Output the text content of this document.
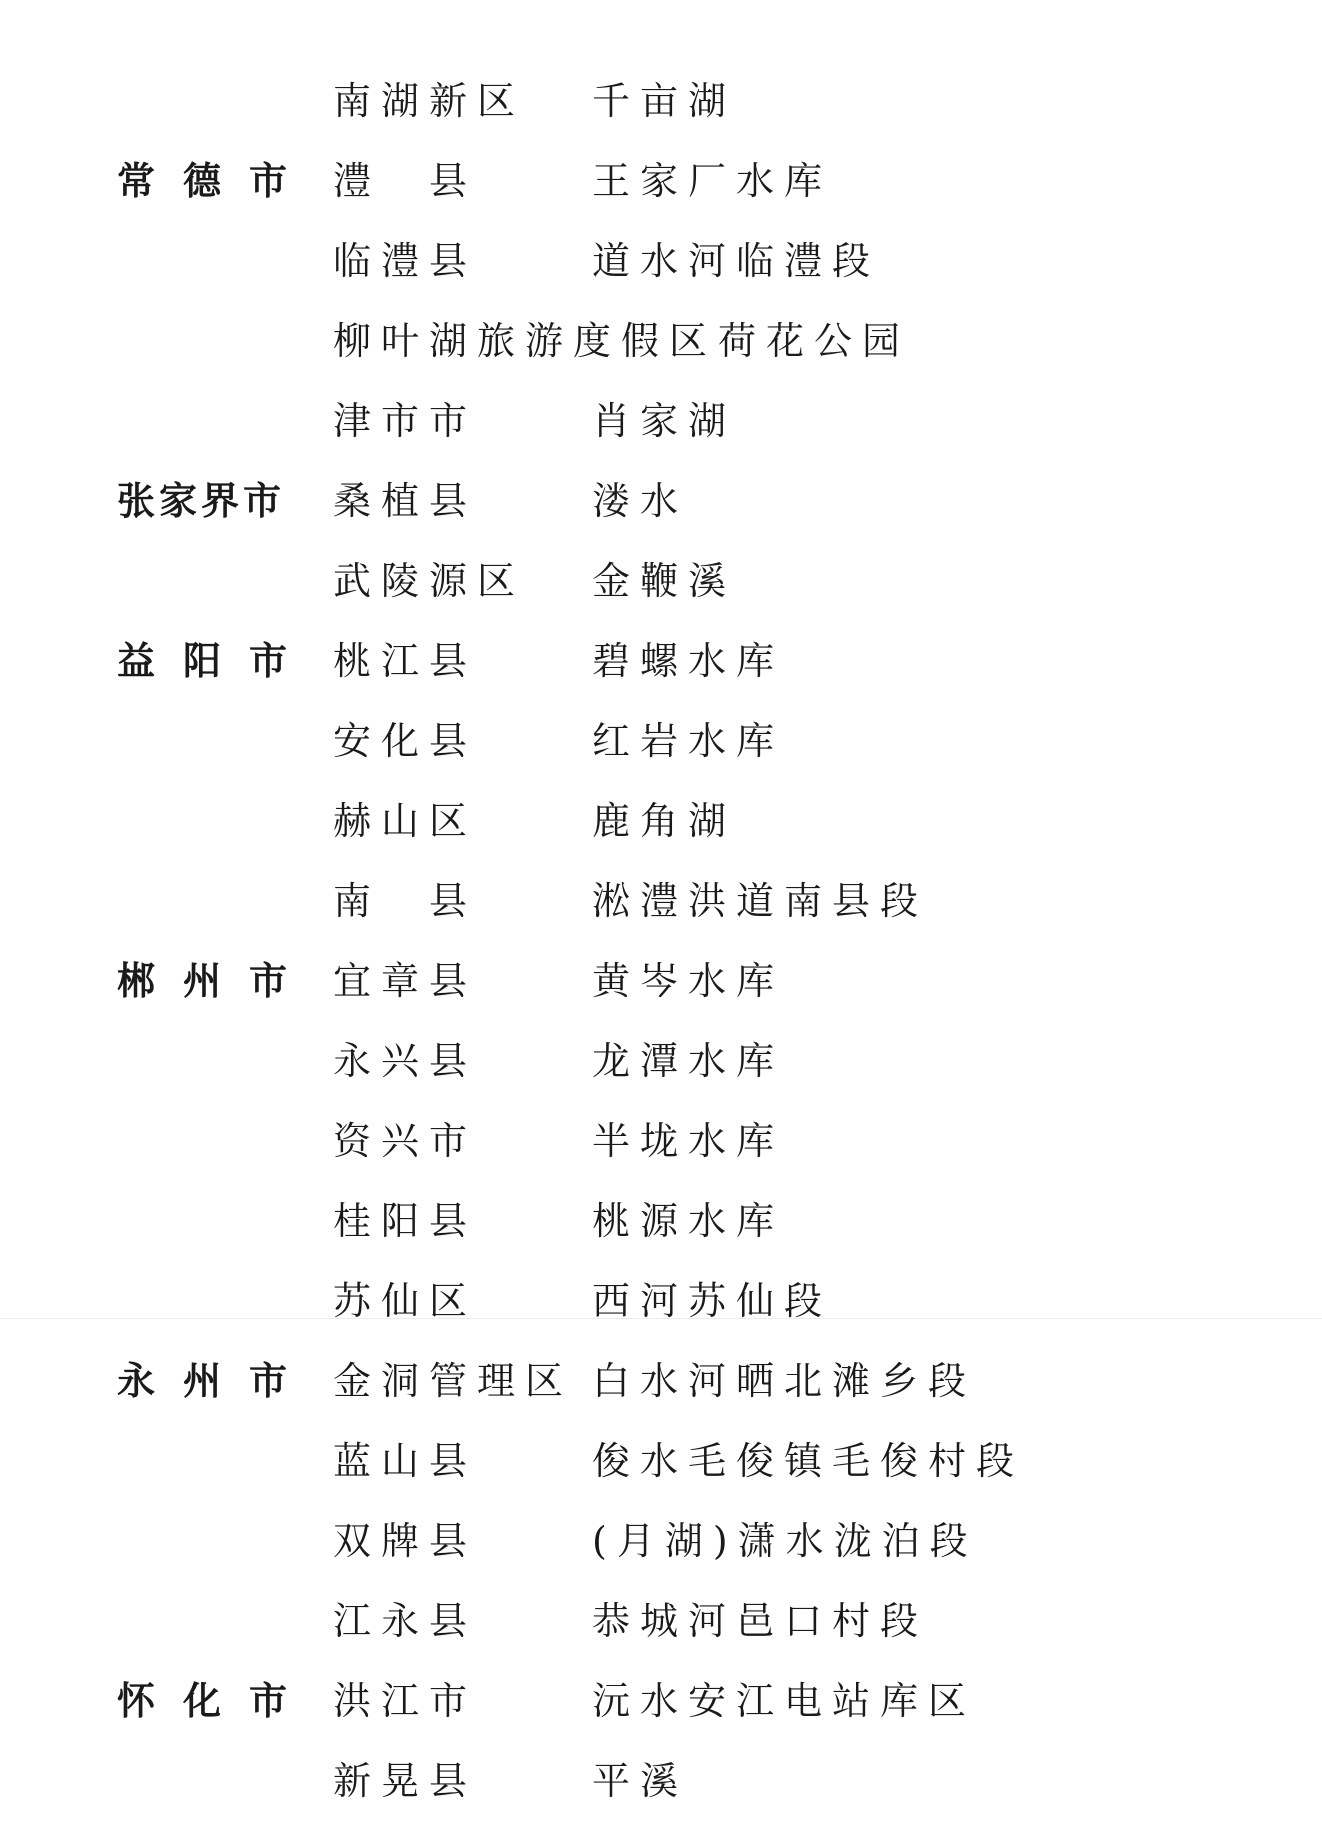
南湖新区 千亩湖
常德市 澧　县	王家厂水库
临澧县	道水河临澧段
柳叶湖旅游度假区 荷花公园
津市市	肖家湖
张家界市	桑植县	溇水
武陵源区 金鞭溪
益阳市 桃江县	碧螺水库
安化县	红岩水库
赫山区	鹿角湖
南　县	淞澧洪道南县段
郴州市 宜章县	黄岑水库
永兴县	龙潭水库
资兴市	半垅水库
桂阳县	桃源水库
苏仙区	西河苏仙段
永州市 金洞管理区 白水河晒北滩乡段
蓝山县	俊水毛俊镇毛俊村段
双牌县	(月湖)潇水泷泊段
江永县	恭城河邑口村段
怀化市 洪江市	沅水安江电站库区
新晃县	平溪
